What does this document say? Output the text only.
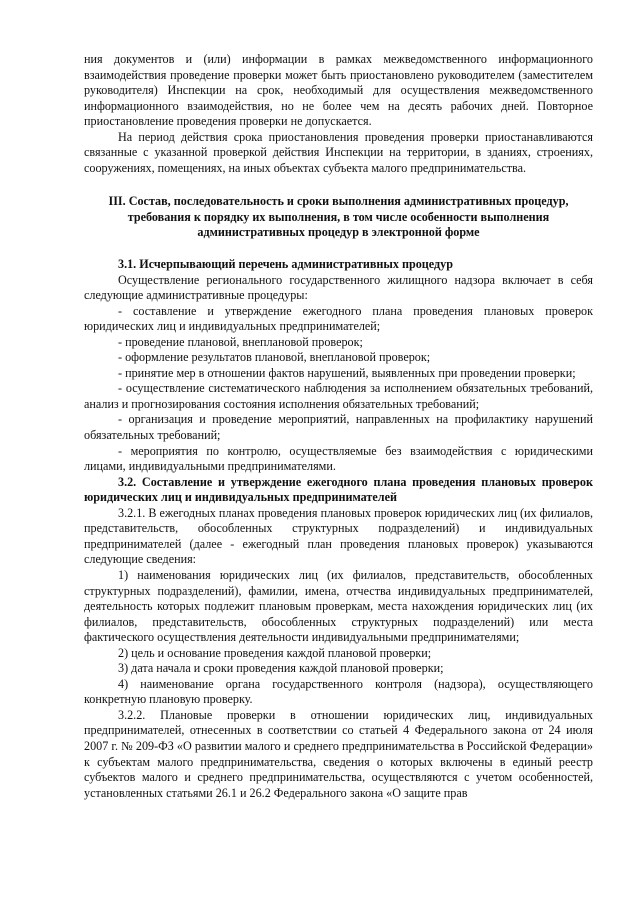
ния документов и (или) информации в рамках межведомственного информационного взаимодействия проведение проверки может быть приостановлено руководителем (заместителем руководителя) Инспекции на срок, необходимый для осуществления межведомственного информационного взаимодействия, но не более чем на десять рабочих дней. Повторное приостановление проведения проверки не допускается.

На период действия срока приостановления проведения проверки приостанавливаются связанные с указанной проверкой действия Инспекции на территории, в зданиях, строениях, сооружениях, помещениях, на иных объектах субъекта малого предпринимательства.

III. Состав, последовательность и сроки выполнения административных процедур, требования к порядку их выполнения, в том числе особенности выполнения административных процедур в электронной форме

3.1. Исчерпывающий перечень административных процедур

Осуществление регионального государственного жилищного надзора включает в себя следующие административные процедуры:

- составление и утверждение ежегодного плана проведения плановых проверок юридических лиц и индивидуальных предпринимателей;

- проведение плановой, внеплановой проверок;

- оформление результатов плановой, внеплановой проверок;

- принятие мер в отношении фактов нарушений, выявленных при проведении проверки;

- осуществление систематического наблюдения за исполнением обязательных требований, анализ и прогнозирования состояния исполнения обязательных требований;

- организация и проведение мероприятий, направленных на профилактику нарушений обязательных требований;

- мероприятия по контролю, осуществляемые без взаимодействия с юридическими лицами, индивидуальными предпринимателями.

3.2. Составление и утверждение ежегодного плана проведения плановых проверок юридических лиц и индивидуальных предпринимателей

3.2.1. В ежегодных планах проведения плановых проверок юридических лиц (их филиалов, представительств, обособленных структурных подразделений) и индивидуальных предпринимателей (далее - ежегодный план проведения плановых проверок) указываются следующие сведения:

1) наименования юридических лиц (их филиалов, представительств, обособленных структурных подразделений), фамилии, имена, отчества индивидуальных предпринимателей, деятельность которых подлежит плановым проверкам, места нахождения юридических лиц (их филиалов, представительств, обособленных структурных подразделений) или места фактического осуществления деятельности индивидуальными предпринимателями;

2) цель и основание проведения каждой плановой проверки;

3) дата начала и сроки проведения каждой плановой проверки;

4) наименование органа государственного контроля (надзора), осуществляющего конкретную плановую проверку.

3.2.2. Плановые проверки в отношении юридических лиц, индивидуальных предпринимателей, отнесенных в соответствии со статьей 4 Федерального закона от 24 июля 2007 г. № 209-ФЗ «О развитии малого и среднего предпринимательства в Российской Федерации» к субъектам малого предпринимательства, сведения о которых включены в единый реестр субъектов малого и среднего предпринимательства, осуществляются с учетом особенностей, установленных статьями 26.1 и 26.2 Федерального закона «О защите прав
